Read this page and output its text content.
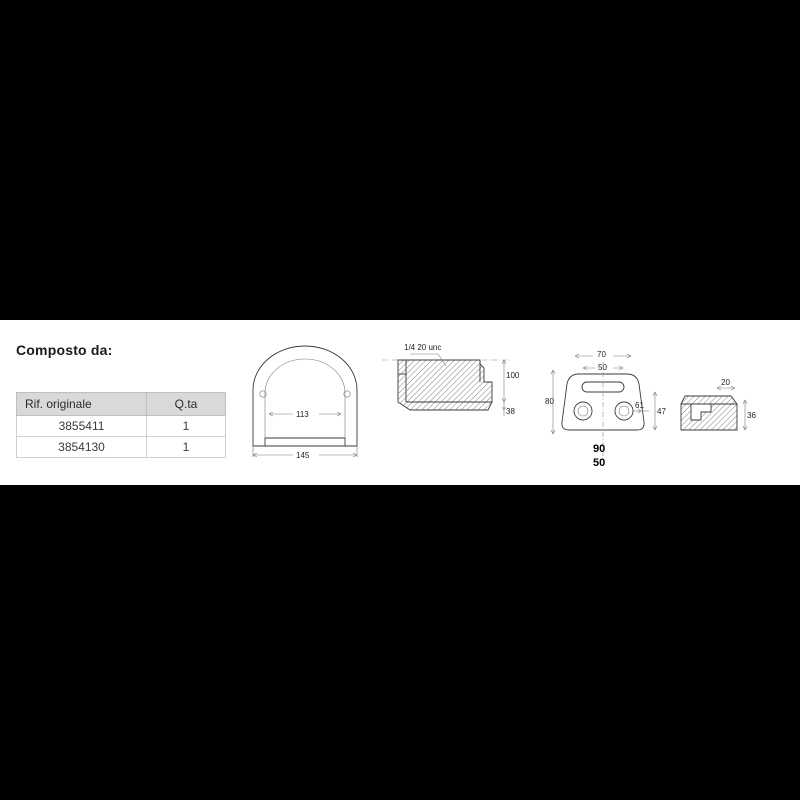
Composto da:
Rif. originale	Q.ta
3855411	1
3854130	1
113
145
1/4 20 unc
100
38
70
50
80	61
47
90
50
20
36
